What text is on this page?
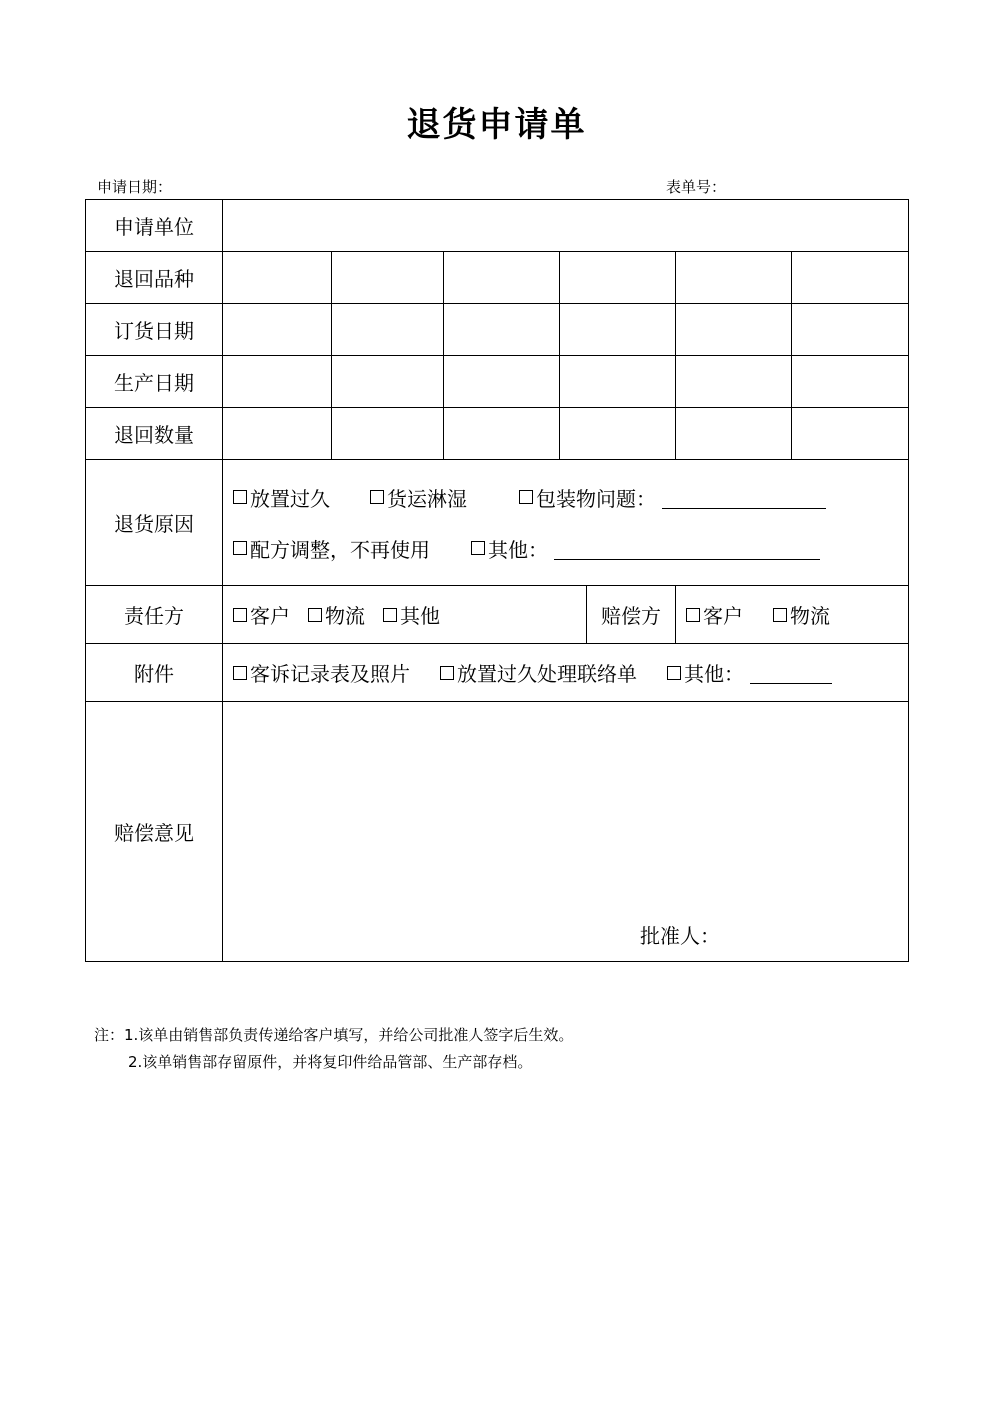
退货申请单
申请日期：	表单号：
申请单位							
退回品种							
订货日期							
生产日期							
退回数量							
退货原因	放置过久 货运淋湿 包装物问题：
配方调整，不再使用 其他：						

责任方	客户 物流 其他				赔偿方	客户 物流	

附件	客诉记录表及照片 放置过久处理联络单 其他：						

赔偿意见	批准人：						
注：1.该单由销售部负责传递给客户填写，并给公司批准人签字后生效。
2.该单销售部存留原件，并将复印件给品管部、生产部存档。
